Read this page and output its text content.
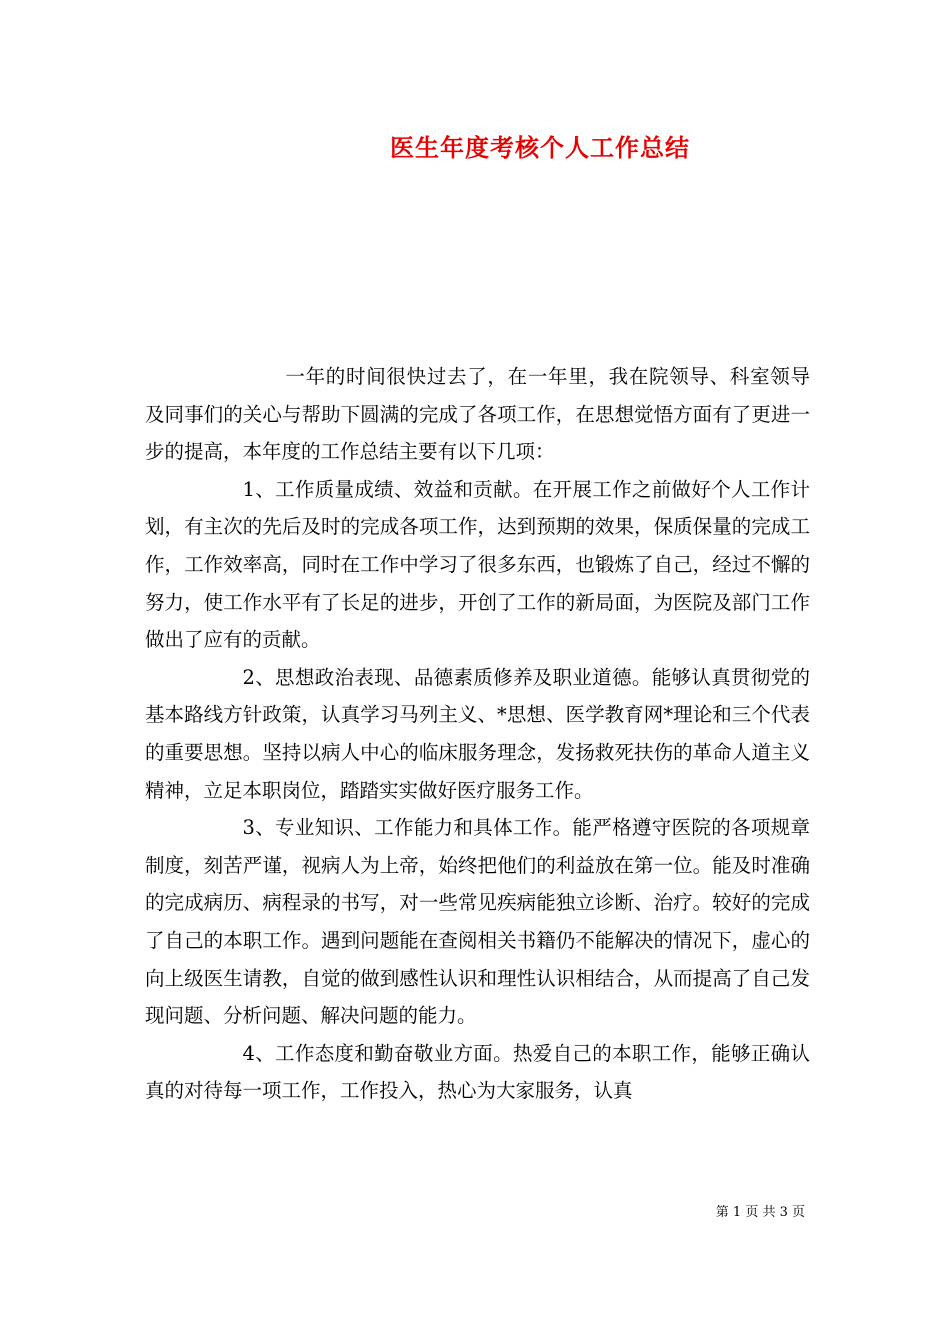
医生年度考核个人工作总结

一年的时间很快过去了，在一年里，我在院领导、科室领导及同事们的关心与帮助下圆满的完成了各项工作，在思想觉悟方面有了更进一步的提高，本年度的工作总结主要有以下几项：

1、工作质量成绩、效益和贡献。在开展工作之前做好个人工作计划，有主次的先后及时的完成各项工作，达到预期的效果，保质保量的完成工作，工作效率高，同时在工作中学习了很多东西，也锻炼了自己，经过不懈的努力，使工作水平有了长足的进步，开创了工作的新局面，为医院及部门工作做出了应有的贡献。

2、思想政治表现、品德素质修养及职业道德。能够认真贯彻党的基本路线方针政策，认真学习马列主义、*思想、医学教育网*理论和三个代表的重要思想。坚持以病人中心的临床服务理念，发扬救死扶伤的革命人道主义精神，立足本职岗位，踏踏实实做好医疗服务工作。

3、专业知识、工作能力和具体工作。能严格遵守医院的各项规章制度，刻苦严谨，视病人为上帝，始终把他们的利益放在第一位。能及时准确的完成病历、病程录的书写，对一些常见疾病能独立诊断、治疗。较好的完成了自己的本职工作。遇到问题能在查阅相关书籍仍不能解决的情况下，虚心的向上级医生请教，自觉的做到感性认识和理性认识相结合，从而提高了自己发现问题、分析问题、解决问题的能力。

4、工作态度和勤奋敬业方面。热爱自己的本职工作，能够正确认真的对待每一项工作，工作投入，热心为大家服务，认真

第 1 页 共 3 页
